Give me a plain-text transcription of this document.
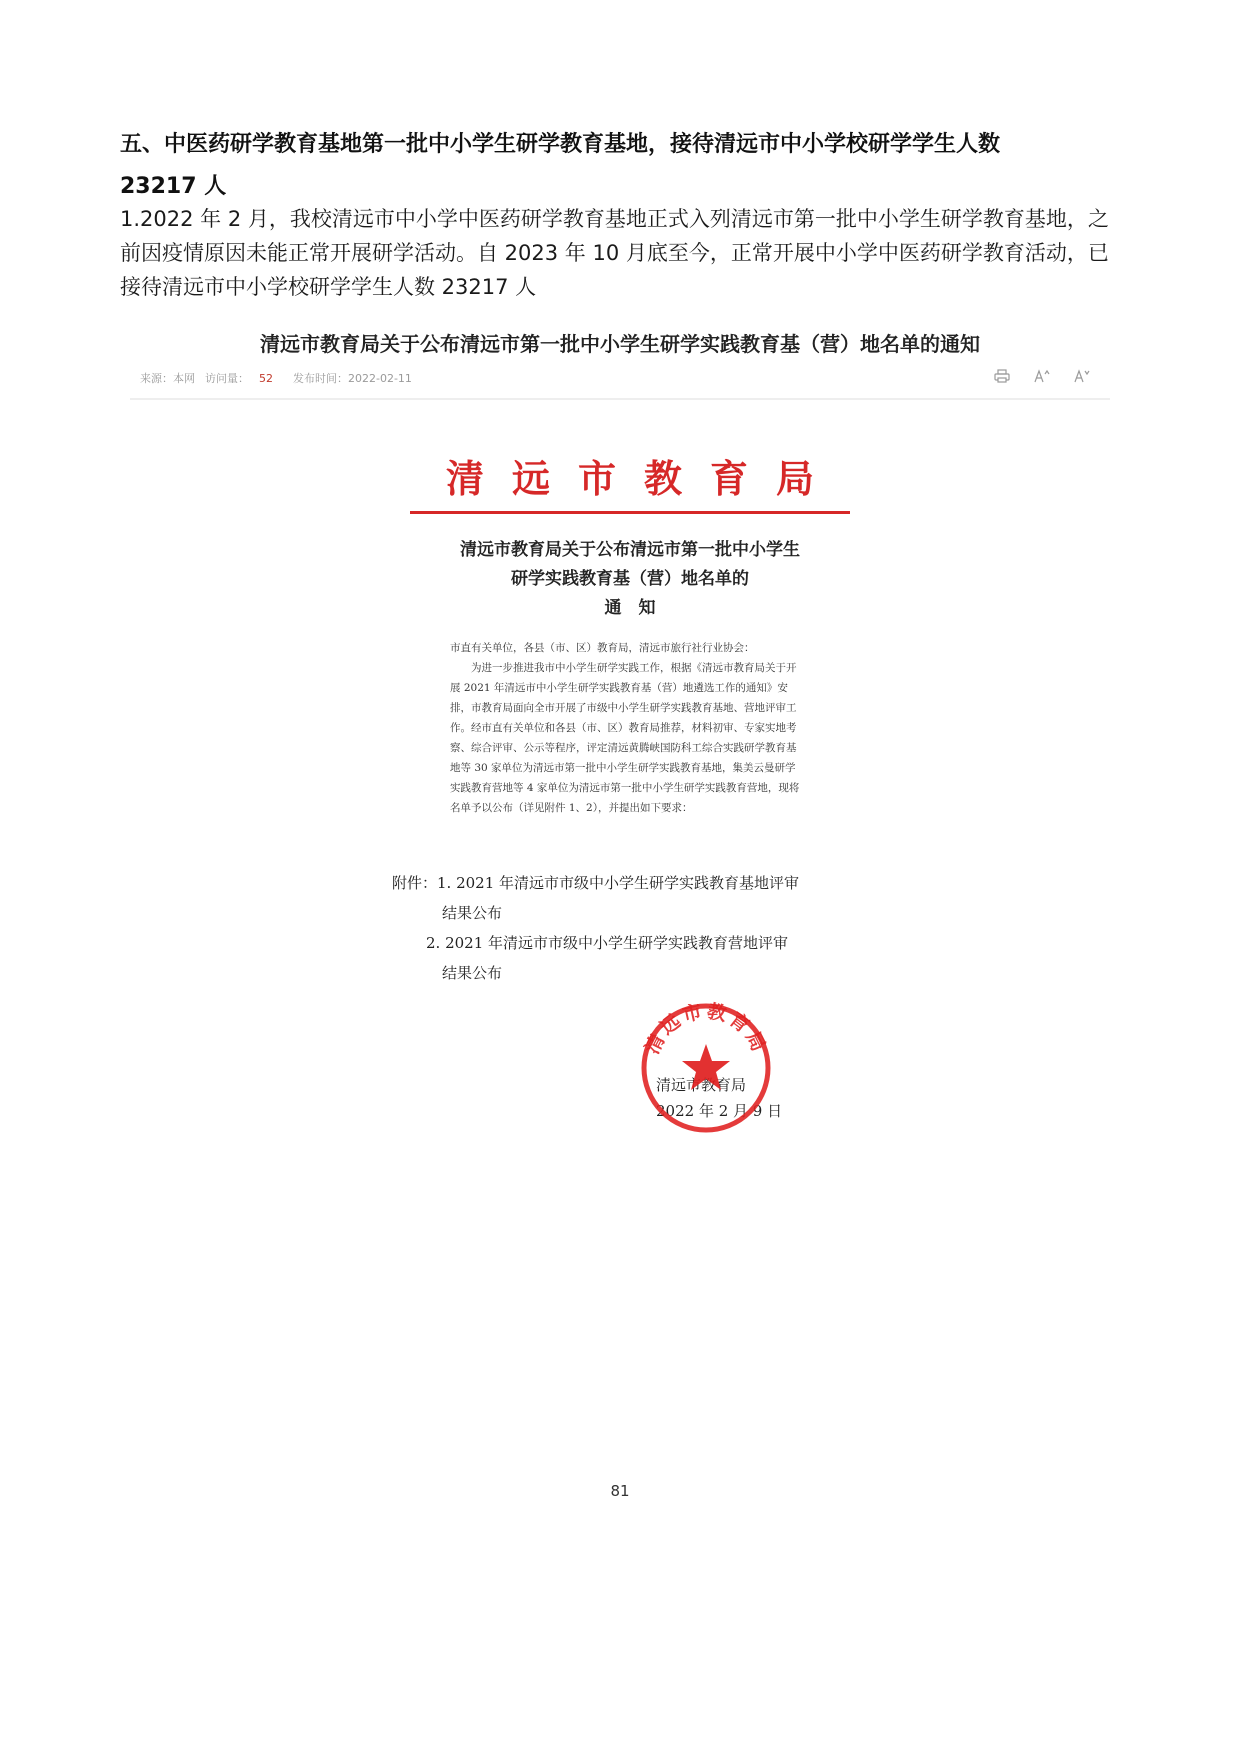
五、中医药研学教育基地第一批中小学生研学教育基地，接待清远市中小学校研学学生人数
23217 人

1.2022 年 2 月，我校清远市中小学中医药研学教育基地正式入列清远市第一批中小学生研学教育基地，之前因疫情原因未能正常开展研学活动。自 2023 年 10 月底至今，正常开展中小学中医药研学教育活动，已接待清远市中小学校研学学生人数 23217 人

清远市教育局关于公布清远市第一批中小学生研学实践教育基（营）地名单的通知
来源：本网 访问量： 52	发布时间：2022-02-11
清远市教育局
清远市教育局关于公布清远市第一批中小学生
研学实践教育基（营）地名单的
通　知

市直有关单位，各县（市、区）教育局，清远市旅行社行业协会：

为进一步推进我市中小学生研学实践工作，根据《清远市教育局关于开展 2021 年清远市中小学生研学实践教育基（营）地遴选工作的通知》安排，市教育局面向全市开展了市级中小学生研学实践教育基地、营地评审工作。经市直有关单位和各县（市、区）教育局推荐，材料初审、专家实地考察、综合评审、公示等程序，评定清远黄腾峡国防科工综合实践研学教育基地等 30 家单位为清远市第一批中小学生研学实践教育基地，集美云曼研学实践教育营地等 4 家单位为清远市第一批中小学生研学实践教育营地，现将名单予以公布（详见附件 1、2），并提出如下要求：

附件：1. 2021 年清远市市级中小学生研学实践教育基地评审

结果公布

2. 2021 年清远市市级中小学生研学实践教育营地评审

结果公布

清远市教育局
2022 年 2 月 9 日
清远市教育局
81
